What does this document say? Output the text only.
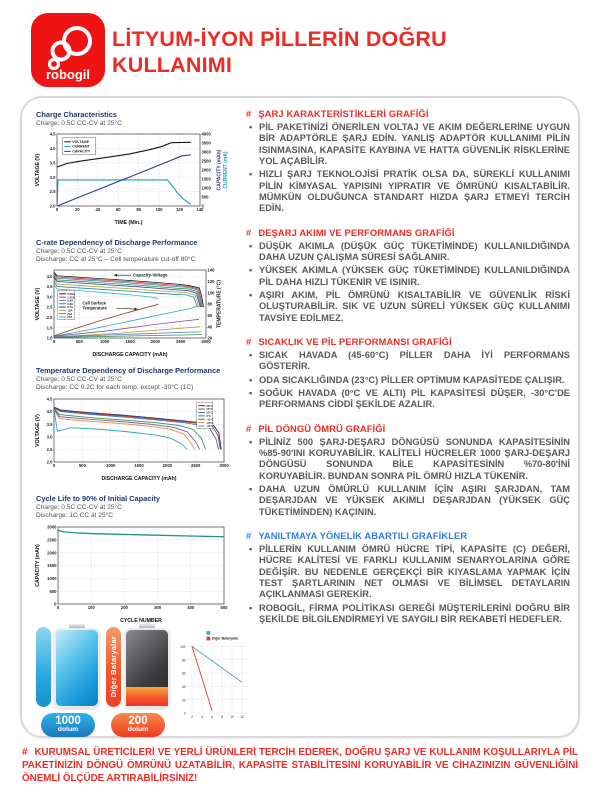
robogil
LİTYUM-İYON PİLLERİN DOĞRU
KULLANIMI
Charge Characteristics
Charge: 0.5C CC-CV at 25°C
0	20	40	60	80	100	120	140
2.0
2.5
3.0
3.5
4.0
4.5
0
500
1000
1500
2000
2500
3000
3500
4000
TIME (Min.)
VOLTAGE (V)	CAPACITY (mAh) CURRENT (mA)
VOLTAGE
CURRENT
CAPACITY
C-rate Dependency of Discharge Performance
Charge: 0.5C CC-CV at 25°C
Discharge: CC at 25°C – Cell temperature cut-off 80°C
0	500	1000	1500	2000	2500	3000
1.0
1.5
2.0
2.5
3.0
3.5
4.0
20
40
60
80
100
120
140
DISCHARGE CAPACITY (mAh)
VOLTAGE (V)	TEMPERATURE (°C)
0.58A
1.45A
2.9A
5.8A
8.7A
15A
20A
25A
Capacity-Voltage
Cell Surface
Temperature
Temperature Dependency of Discharge Performance
Charge: 0.5C CC-CV at 25°C
Discharge: CC 0.2C for each temp. except -30°C (1C)
0	500	1000	1500	2000	2500	3000
2.0
2.5
3.0
3.5
4.0
4.5
DISCHARGE CAPACITY (mAh)
VOLTAGE (V)
60°C
45°C
25°C
0°C
-10°C
-20°C
-30°C
Cycle Life to 90% of Initial Capacity
Charge: 0.5C CC-CV at 25°C
Discharge: 1C CC at 25°C
0	100	200	300	400	500
0
500
1000
1500
2000
2500
3000
CYCLE NUMBER
CAPACITY (mAh)
1000
dolum
Diğer Bataryalar
200
dolum
2	4	6	8 10 12
0
20
40
60
80
100
Diğer Bataryalar
# ŞARJ KARAKTERİSTİKLERİ GRAFİĞİ
• PİL PAKETİNİZİ ÖNERİLEN VOLTAJ VE AKIM DEĞERLERİNE UYGUN BİR ADAPTÖRLE ŞARJ EDİN. YANLIŞ ADAPTÖR KULLANIMI PİLİN ISINMASINA, KAPASİTE KAYBINA VE HATTA GÜVENLİK RİSKLERİNE YOL AÇABİLİR.
• HIZLI ŞARJ TEKNOLOJİSİ PRATİK OLSA DA, SÜREKLİ KULLANIMI PİLİN KİMYASAL YAPISINI YIPRATIR VE ÖMRÜNÜ KISALTABİLİR. MÜMKÜN OLDUĞUNCA STANDART HIZDA ŞARJ ETMEYİ TERCİH EDİN.
# DEŞARJ AKIMI VE PERFORMANS GRAFİĞİ
• DÜŞÜK AKIMLA (DÜŞÜK GÜÇ TÜKETİMİNDE) KULLANILDIĞINDA DAHA UZUN ÇALIŞMA SÜRESİ SAĞLANIR.
• YÜKSEK AKIMLA (YÜKSEK GÜÇ TÜKETİMİNDE) KULLANILDIĞINDA PİL DAHA HIZLI TÜKENİR VE ISINIR.
• AŞIRI AKIM, PİL ÖMRÜNÜ KISALTABİLİR VE GÜVENLİK RİSKİ OLUŞTURABİLİR. SIK VE UZUN SÜRELİ YÜKSEK GÜÇ KULLANIMI TAVSİYE EDİLMEZ.
# SICAKLIK VE PİL PERFORMANSI GRAFİĞİ
• SICAK HAVADA (45-60°C) PİLLER DAHA İYİ PERFORMANS GÖSTERİR.
• ODA SICAKLIĞINDA (23°C) PİLLER OPTİMUM KAPASİTEDE ÇALIŞIR.
• SOĞUK HAVADA (0°C VE ALTI) PİL KAPASİTESİ DÜŞER, -30°C'DE PERFORMANS CİDDİ ŞEKİLDE AZALIR.
# PİL DÖNGÜ ÖMRÜ GRAFİĞİ
• PİLİNİZ 500 ŞARJ-DEŞARJ DÖNGÜSÜ SONUNDA KAPASİTESİNİN %85-90'INI KORUYABİLİR. KALİTELİ HÜCRELER 1000 ŞARJ-DEŞARJ DÖNGÜSÜ SONUNDA BİLE KAPASİTESİNİN %70-80'İNİ KORUYABİLİR. BUNDAN SONRA PİL ÖMRÜ HIZLA TÜKENİR.
• DAHA UZUN ÖMÜRLÜ KULLANIM İÇİN AŞIRI ŞARJDAN, TAM DEŞARJDAN VE YÜKSEK AKIMLI DEŞARJDAN (YÜKSEK GÜÇ TÜKETİMİNDEN) KAÇININ.
# YANILTMAYA YÖNELİK ABARTILI GRAFİKLER
• PİLLERİN KULLANIM ÖMRÜ HÜCRE TİPİ, KAPASİTE (C) DEĞERİ, HÜCRE KALİTESİ VE FARKLI KULLANIM SENARYOLARINA GÖRE DEĞİŞİR. BU NEDENLE GERÇEKÇİ BİR KIYASLAMA YAPMAK İÇİN TEST ŞARTLARININ NET OLMASI VE BİLİMSEL DETAYLARIN AÇIKLANMASI GEREKİR.
• ROBOGİL, FİRMA POLİTİKASI GEREĞİ MÜŞTERİLERİNİ DOĞRU BİR ŞEKİLDE BİLGİLENDİRMEYİ VE SAYGILI BİR REKABETİ HEDEFLER.
# KURUMSAL ÜRETİCİLERİ VE YERLİ ÜRÜNLERİ TERCİH EDEREK, DOĞRU ŞARJ VE KULLANIM KOŞULLARIYLA PİL PAKETİNİZİN DÖNGÜ ÖMRÜNÜ UZATABİLİR, KAPASİTE STABİLİTESİNİ KORUYABİLİR VE CİHAZINIZIN GÜVENLİĞİNİ ÖNEMLİ ÖLÇÜDE ARTIRABİLİRSİNİZ!
